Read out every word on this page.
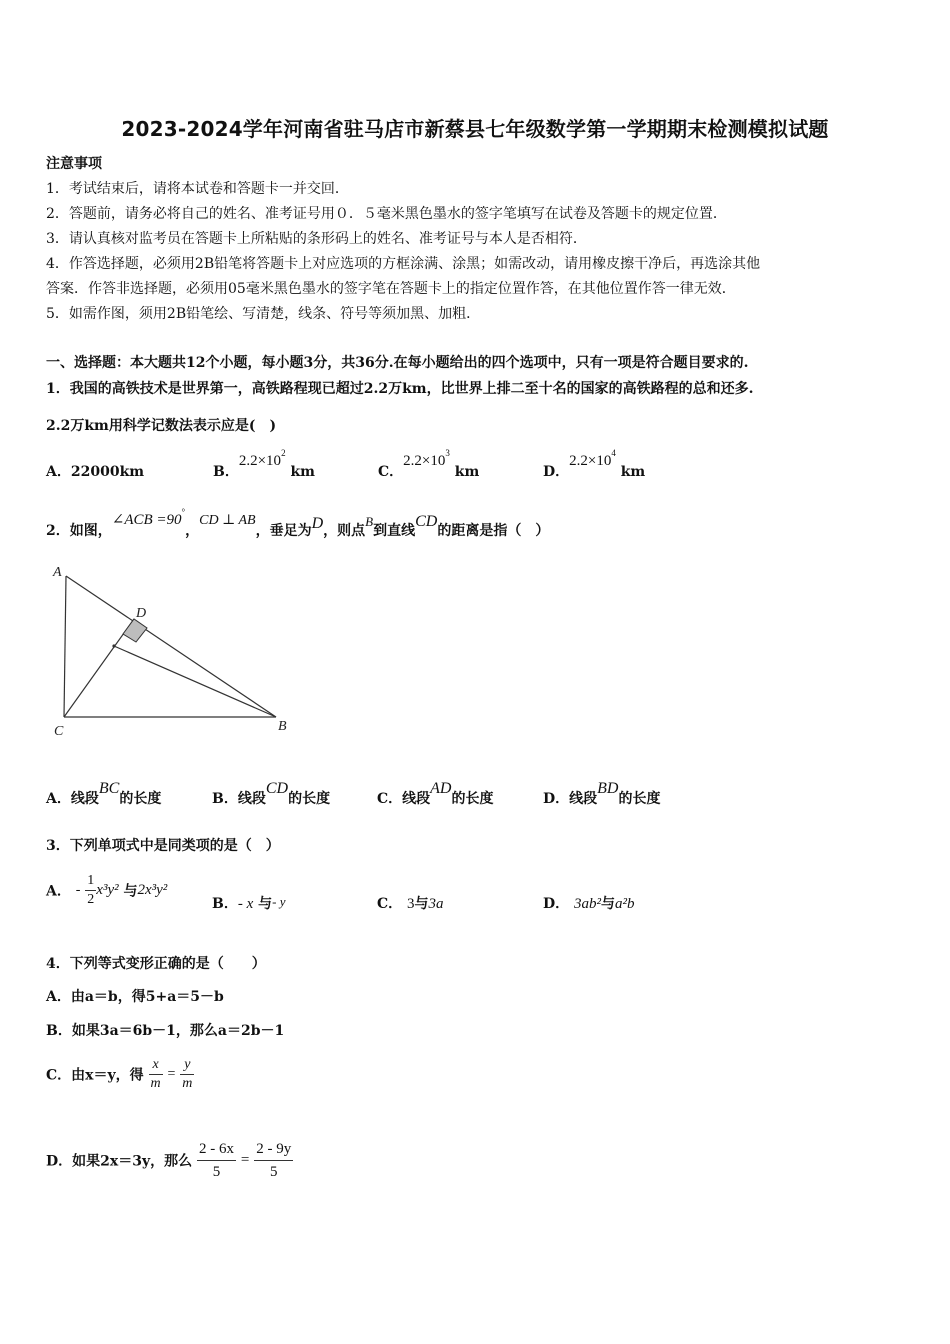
2023-2024学年河南省驻马店市新蔡县七年级数学第一学期期末检测模拟试题
注意事项
1．考试结束后，请将本试卷和答题卡一并交回．
2．答题前，请务必将自己的姓名、准考证号用０．５毫米黑色墨水的签字笔填写在试卷及答题卡的规定位置．
3．请认真核对监考员在答题卡上所粘贴的条形码上的姓名、准考证号与本人是否相符．
4．作答选择题，必须用2B铅笔将答题卡上对应选项的方框涂满、涂黑；如需改动，请用橡皮擦干净后，再选涂其他
答案．作答非选择题，必须用05毫米黑色墨水的签字笔在答题卡上的指定位置作答，在其他位置作答一律无效．
5．如需作图，须用2B铅笔绘、写清楚，线条、符号等须加黑、加粗．
一、选择题：本大题共12个小题，每小题3分，共36分.在每小题给出的四个选项中，只有一项是符合题目要求的.
1．我国的高铁技术是世界第一，高铁路程现已超过2.2万km，比世界上排二至十名的国家的高铁路程的总和还多.
2.2万km用科学记数法表示应是(　)
A．22000km	B．$2.2\times 10^2$ km	C．$2.2\times 10^3$ km	D．$2.2\times 10^4$ km
2．如图，∠ACB =90°，CD ⊥ AB，垂足为D，则点B到直线CD的距离是指（　）
A
D
C	B
A．线段BC的长度	B．线段CD的长度	C．线段AD的长度	D．线段BD的长度
3．下列单项式中是同类项的是（　）
A． - $\frac{1}{2} x^3y^2$ 与2x³y²
B．- x 与- y	C． 3与3a	D． 3ab²与a²b
4．下列等式变形正确的是（　　）
A．由a＝b，得5+a＝5－b
B．如果3a＝6b－1，那么a＝2b－1
C．由x＝y，得 $\frac{x}{m} = \frac{y}{m}$
D．如果2x＝3y，那么 $\frac{2 - 6x}{5} = \frac{2 - 9y}{5}$
